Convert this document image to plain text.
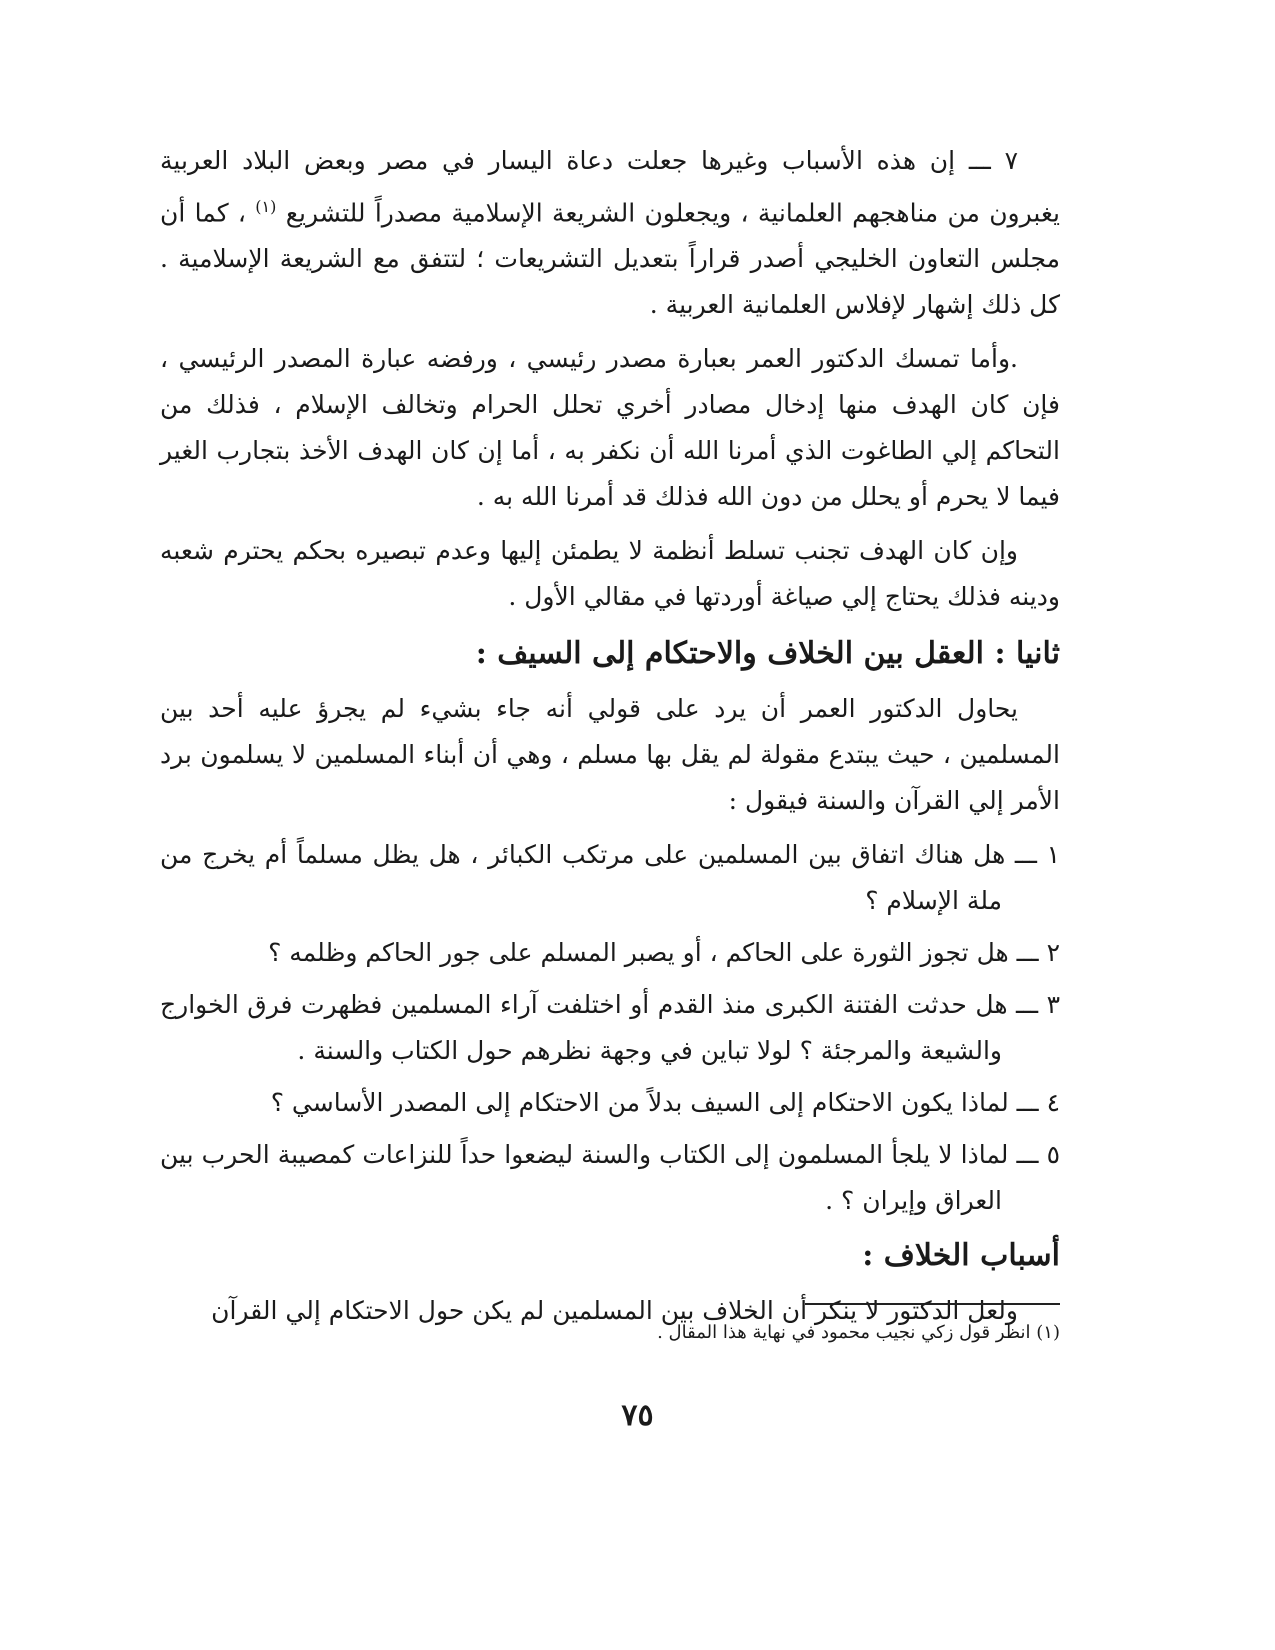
٧ ـــ إن هذه الأسباب وغيرها جعلت دعاة اليسار في مصر وبعض البلاد العربية يغبرون من مناهجهم العلمانية ، ويجعلون الشريعة الإسلامية مصدراً للتشريع $^{(١)}$ ، كما أن مجلس التعاون الخليجي أصدر قراراً بتعديل التشريعات ؛ لتتفق مع الشريعة الإسلامية . كل ذلك إشهار لإفلاس العلمانية العربية .

.وأما تمسك الدكتور العمر بعبارة مصدر رئيسي ، ورفضه عبارة المصدر الرئيسي ، فإن كان الهدف منها إدخال مصادر أخري تحلل الحرام وتخالف الإسلام ، فذلك من التحاكم إلي الطاغوت الذي أمرنا الله أن نكفر به ، أما إن كان الهدف الأخذ بتجارب الغير فيما لا يحرم أو يحلل من دون الله فذلك قد أمرنا الله به .

وإن كان الهدف تجنب تسلط أنظمة لا يطمئن إليها وعدم تبصيره بحكم يحترم شعبه ودينه فذلك يحتاج إلي صياغة أوردتها في مقالي الأول .

ثانيا : العقل بين الخلاف والاحتكام إلى السيف :

يحاول الدكتور العمر أن يرد على قولي أنه جاء بشيء لم يجرؤ عليه أحد بين المسلمين ، حيث يبتدع مقولة لم يقل بها مسلم ، وهي أن أبناء المسلمين لا يسلمون برد الأمر إلي القرآن والسنة فيقول :

١ ـــ هل هناك اتفاق بين المسلمين على مرتكب الكبائر ، هل يظل مسلماً أم يخرج من ملة الإسلام ؟

٢ ـــ هل تجوز الثورة على الحاكم ، أو يصبر المسلم على جور الحاكم وظلمه ؟

٣ ـــ هل حدثت الفتنة الكبرى منذ القدم أو اختلفت آراء المسلمين فظهرت فرق الخوارج والشيعة والمرجئة ؟ لولا تباين في وجهة نظرهم حول الكتاب والسنة .

٤ ـــ لماذا يكون الاحتكام إلى السيف بدلاً من الاحتكام إلى المصدر الأساسي ؟

٥ ـــ لماذا لا يلجأ المسلمون إلى الكتاب والسنة ليضعوا حداً للنزاعات كمصيبة الحرب بين العراق وإيران ؟ .

أسباب الخلاف :

ولعل الدكتور لا ينكر أن الخلاف بين المسلمين لم يكن حول الاحتكام إلي القرآن

(١) انظر قول زكي نجيب محمود في نهاية هذا المقال .
٧٥
